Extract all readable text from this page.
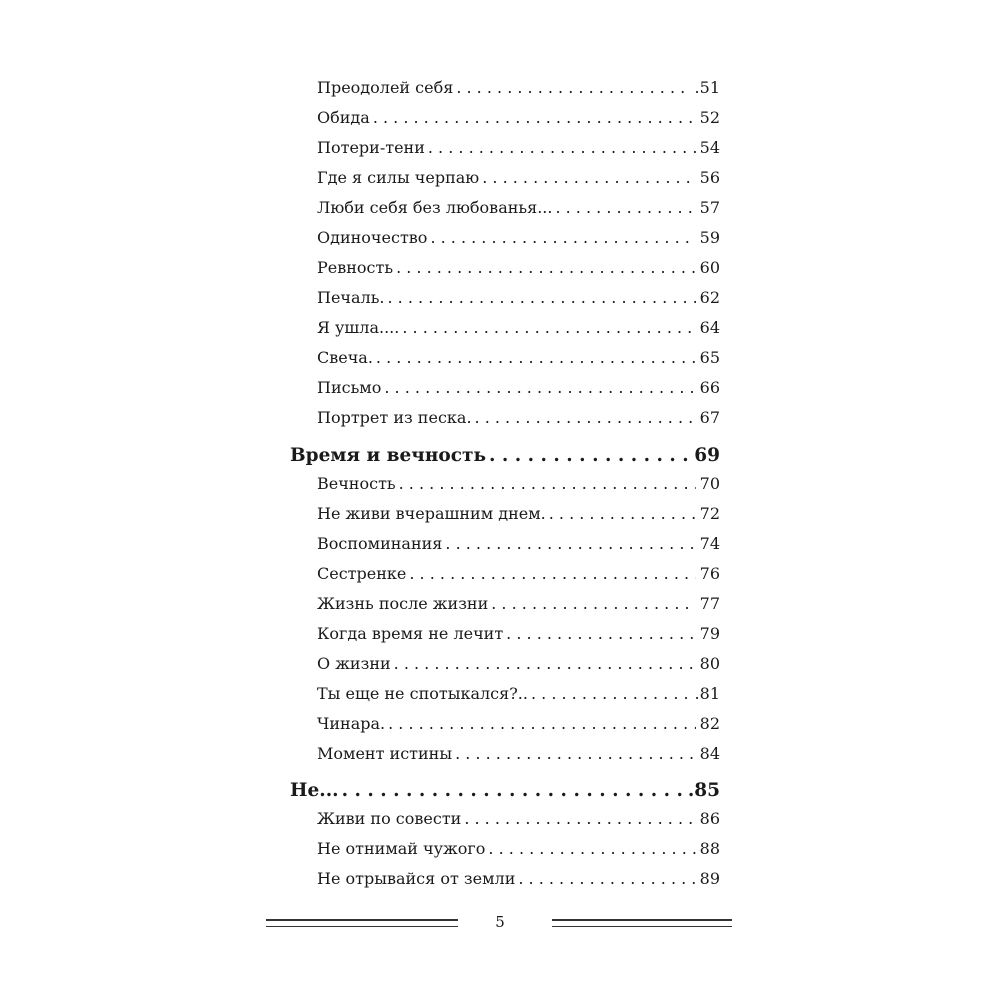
Преодолей себя . . .	.51
Обида . . .	52
Потери-тени . . .	54
Где я силы черпаю . . .	56
Люби себя без любованья... . . .	57
Одиночество . . .	59
Ревность . . .	60
Печаль. . . .	62
Я ушла.... . . .	64
Свеча. . . .	65
Письмо . . .	66
Портрет из песка. . . .	67
Время и вечность . . .	69
Вечность . . .	70
Не живи вчерашним днем. . . .	72
Воспоминания . . .	74
Сестренке . . .	76
Жизнь после жизни . . .	77
Когда время не лечит . . .	79
О жизни . . .	80
Ты еще не спотыкался?.. . . .	.81
Чинара. . . .	82
Момент истины . . .	84
Не... . . .	.85
Живи по совести . . .	86
Не отнимай чужого . . .	88
Не отрывайся от земли . . .	89
5
